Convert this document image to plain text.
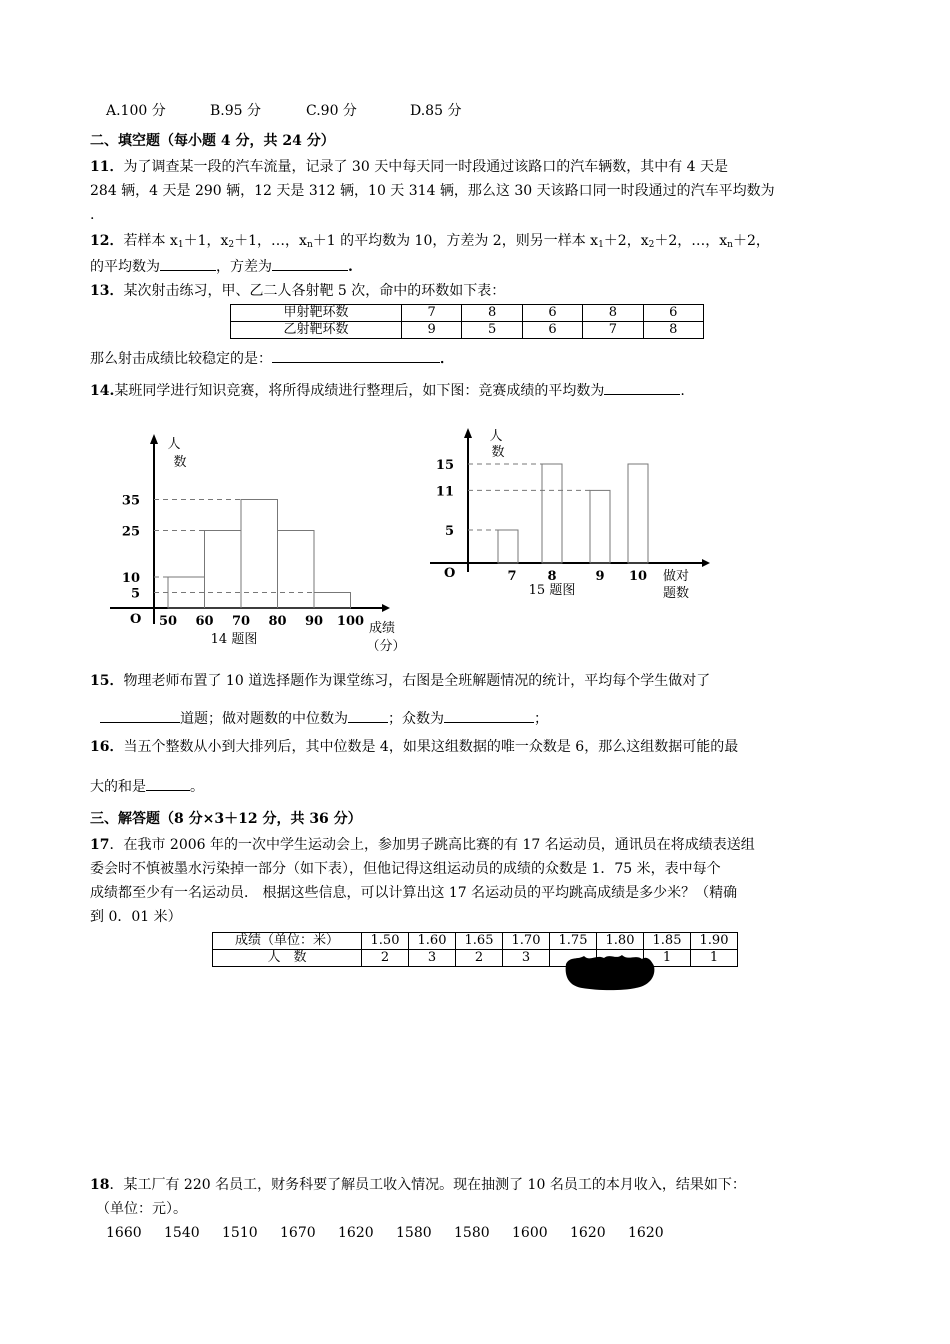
A.100 分	B.95 分	C.90 分	D.85 分
二、填空题（每小题 4 分，共 24 分）
11．为了调查某一段的汽车流量，记录了 30 天中每天同一时段通过该路口的汽车辆数，其中有 4 天是
284 辆，4 天是 290 辆，12 天是 312 辆，10 天 314 辆，那么这 30 天该路口同一时段通过的汽车平均数为
.
12．若样本 $x_1+1$，$x_2+1$，…，$x_n+1$ 的平均数为 10，方差为 2，则另一样本 $x_1+2$，$x_2+2$，…，$x_n+2$，
的平均数为	，方差为	.
13．某次射击练习，甲、乙二人各射靶 5 次，命中的环数如下表：
甲射靶环数	7	8	6	8	6
乙射靶环数	9	5	6	7	8
那么射击成绩比较稳定的是：	．
14.某班同学进行知识竞赛，将所得成绩进行整理后，如下图：竞赛成绩的平均数为	.
人
数
35
25
10
5
O 50 60 70 80 90 100 成绩
（分）
14 题图
人
数
15
11
5
O	7 8	9 10 做对
题数
15 题图
15．物理老师布置了 10 道选择题作为课堂练习，右图是全班解题情况的统计，平均每个学生做对了
道题；做对题数的中位数为	；众数为	；
16．当五个整数从小到大排列后，其中位数是 4，如果这组数据的唯一众数是 6，那么这组数据可能的最
大的和是	。
三、解答题（8 分×3＋12 分，共 36 分）
17．在我市 2006 年的一次中学生运动会上，参加男子跳高比赛的有 17 名运动员，通讯员在将成绩表送组
委会时不慎被墨水污染掉一部分（如下表），但他记得这组运动员的成绩的众数是 1．75 米，表中每个
成绩都至少有一名运动员． 根据这些信息，可以计算出这 17 名运动员的平均跳高成绩是多少米？（精确
到 0．01 米）
成绩（单位：米）	1.50	1.60	1.65	1.70	1.75	1.80	1.85	1.90
人　数	2	3	2	3			1	1
18．某工厂有 220 名员工，财务科要了解员工收入情况。现在抽测了 10 名员工的本月收入，结果如下：
（单位：元）。
1660 1540 1510 1670 1620 1580 1580 1600 1620 1620
